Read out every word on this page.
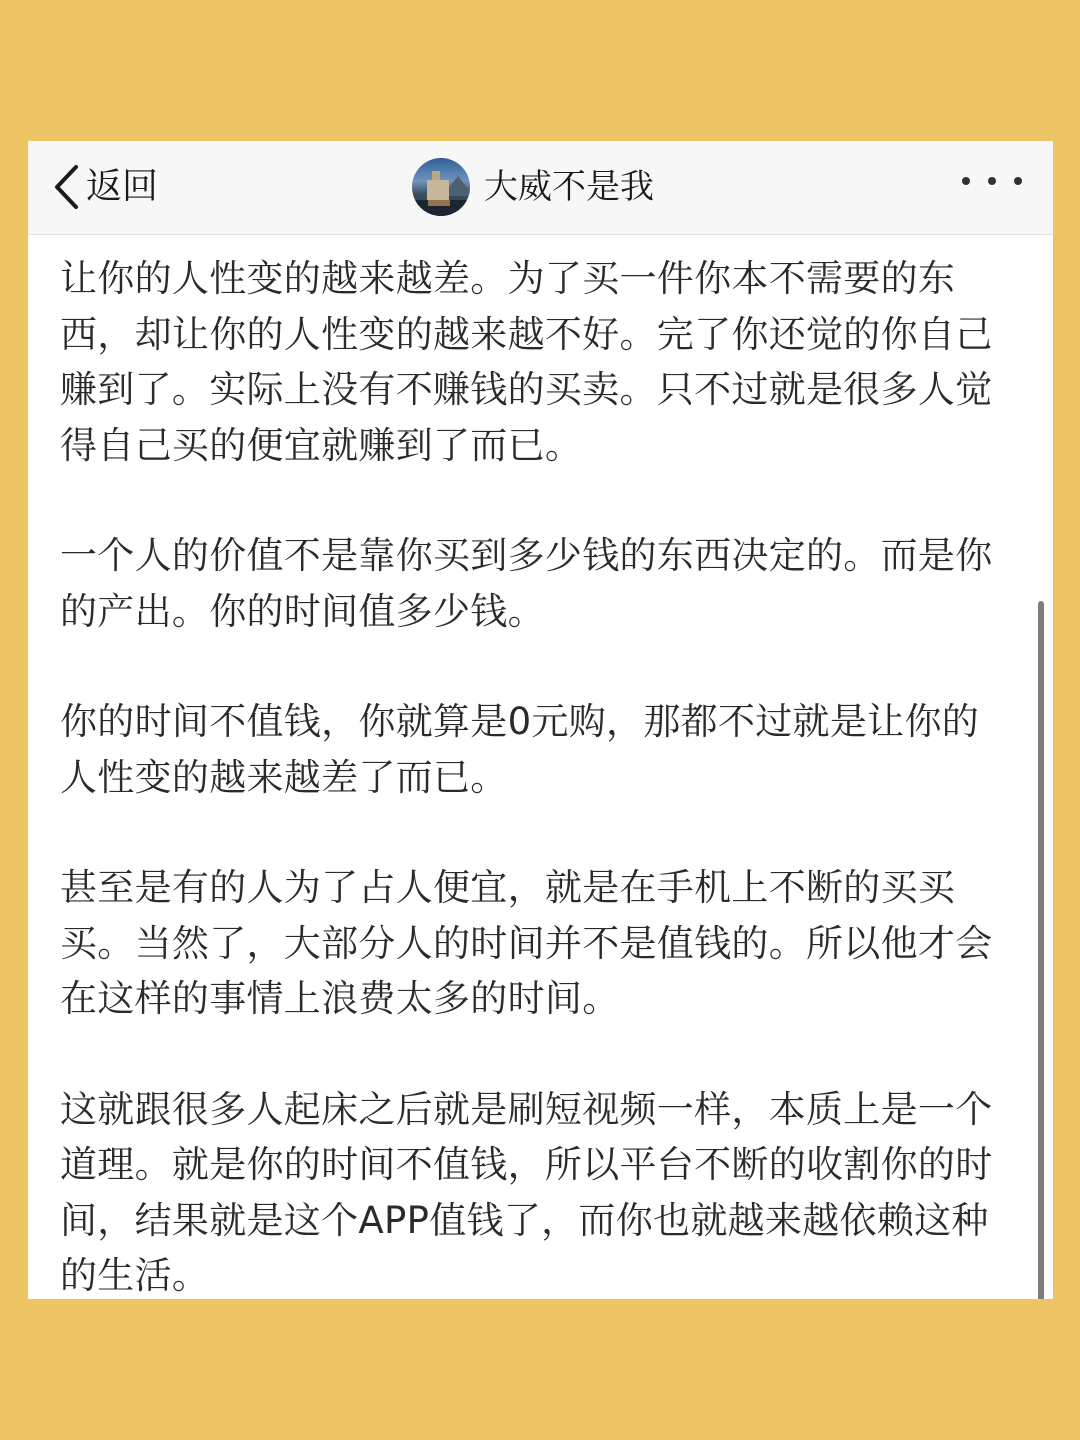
返回	大威不是我

让你的人性变的越来越差。为了买一件你本不需要的东西，却让你的人性变的越来越不好。完了你还觉的你自己赚到了。实际上没有不赚钱的买卖。只不过就是很多人觉得自己买的便宜就赚到了而已。

一个人的价值不是靠你买到多少钱的东西决定的。而是你的产出。你的时间值多少钱。

你的时间不值钱，你就算是0元购，那都不过就是让你的人性变的越来越差了而已。

甚至是有的人为了占人便宜，就是在手机上不断的买买买。当然了，大部分人的时间并不是值钱的。所以他才会在这样的事情上浪费太多的时间。

这就跟很多人起床之后就是刷短视频一样，本质上是一个道理。就是你的时间不值钱，所以平台不断的收割你的时间，结果就是这个APP值钱了，而你也就越来越依赖这种的生活。
